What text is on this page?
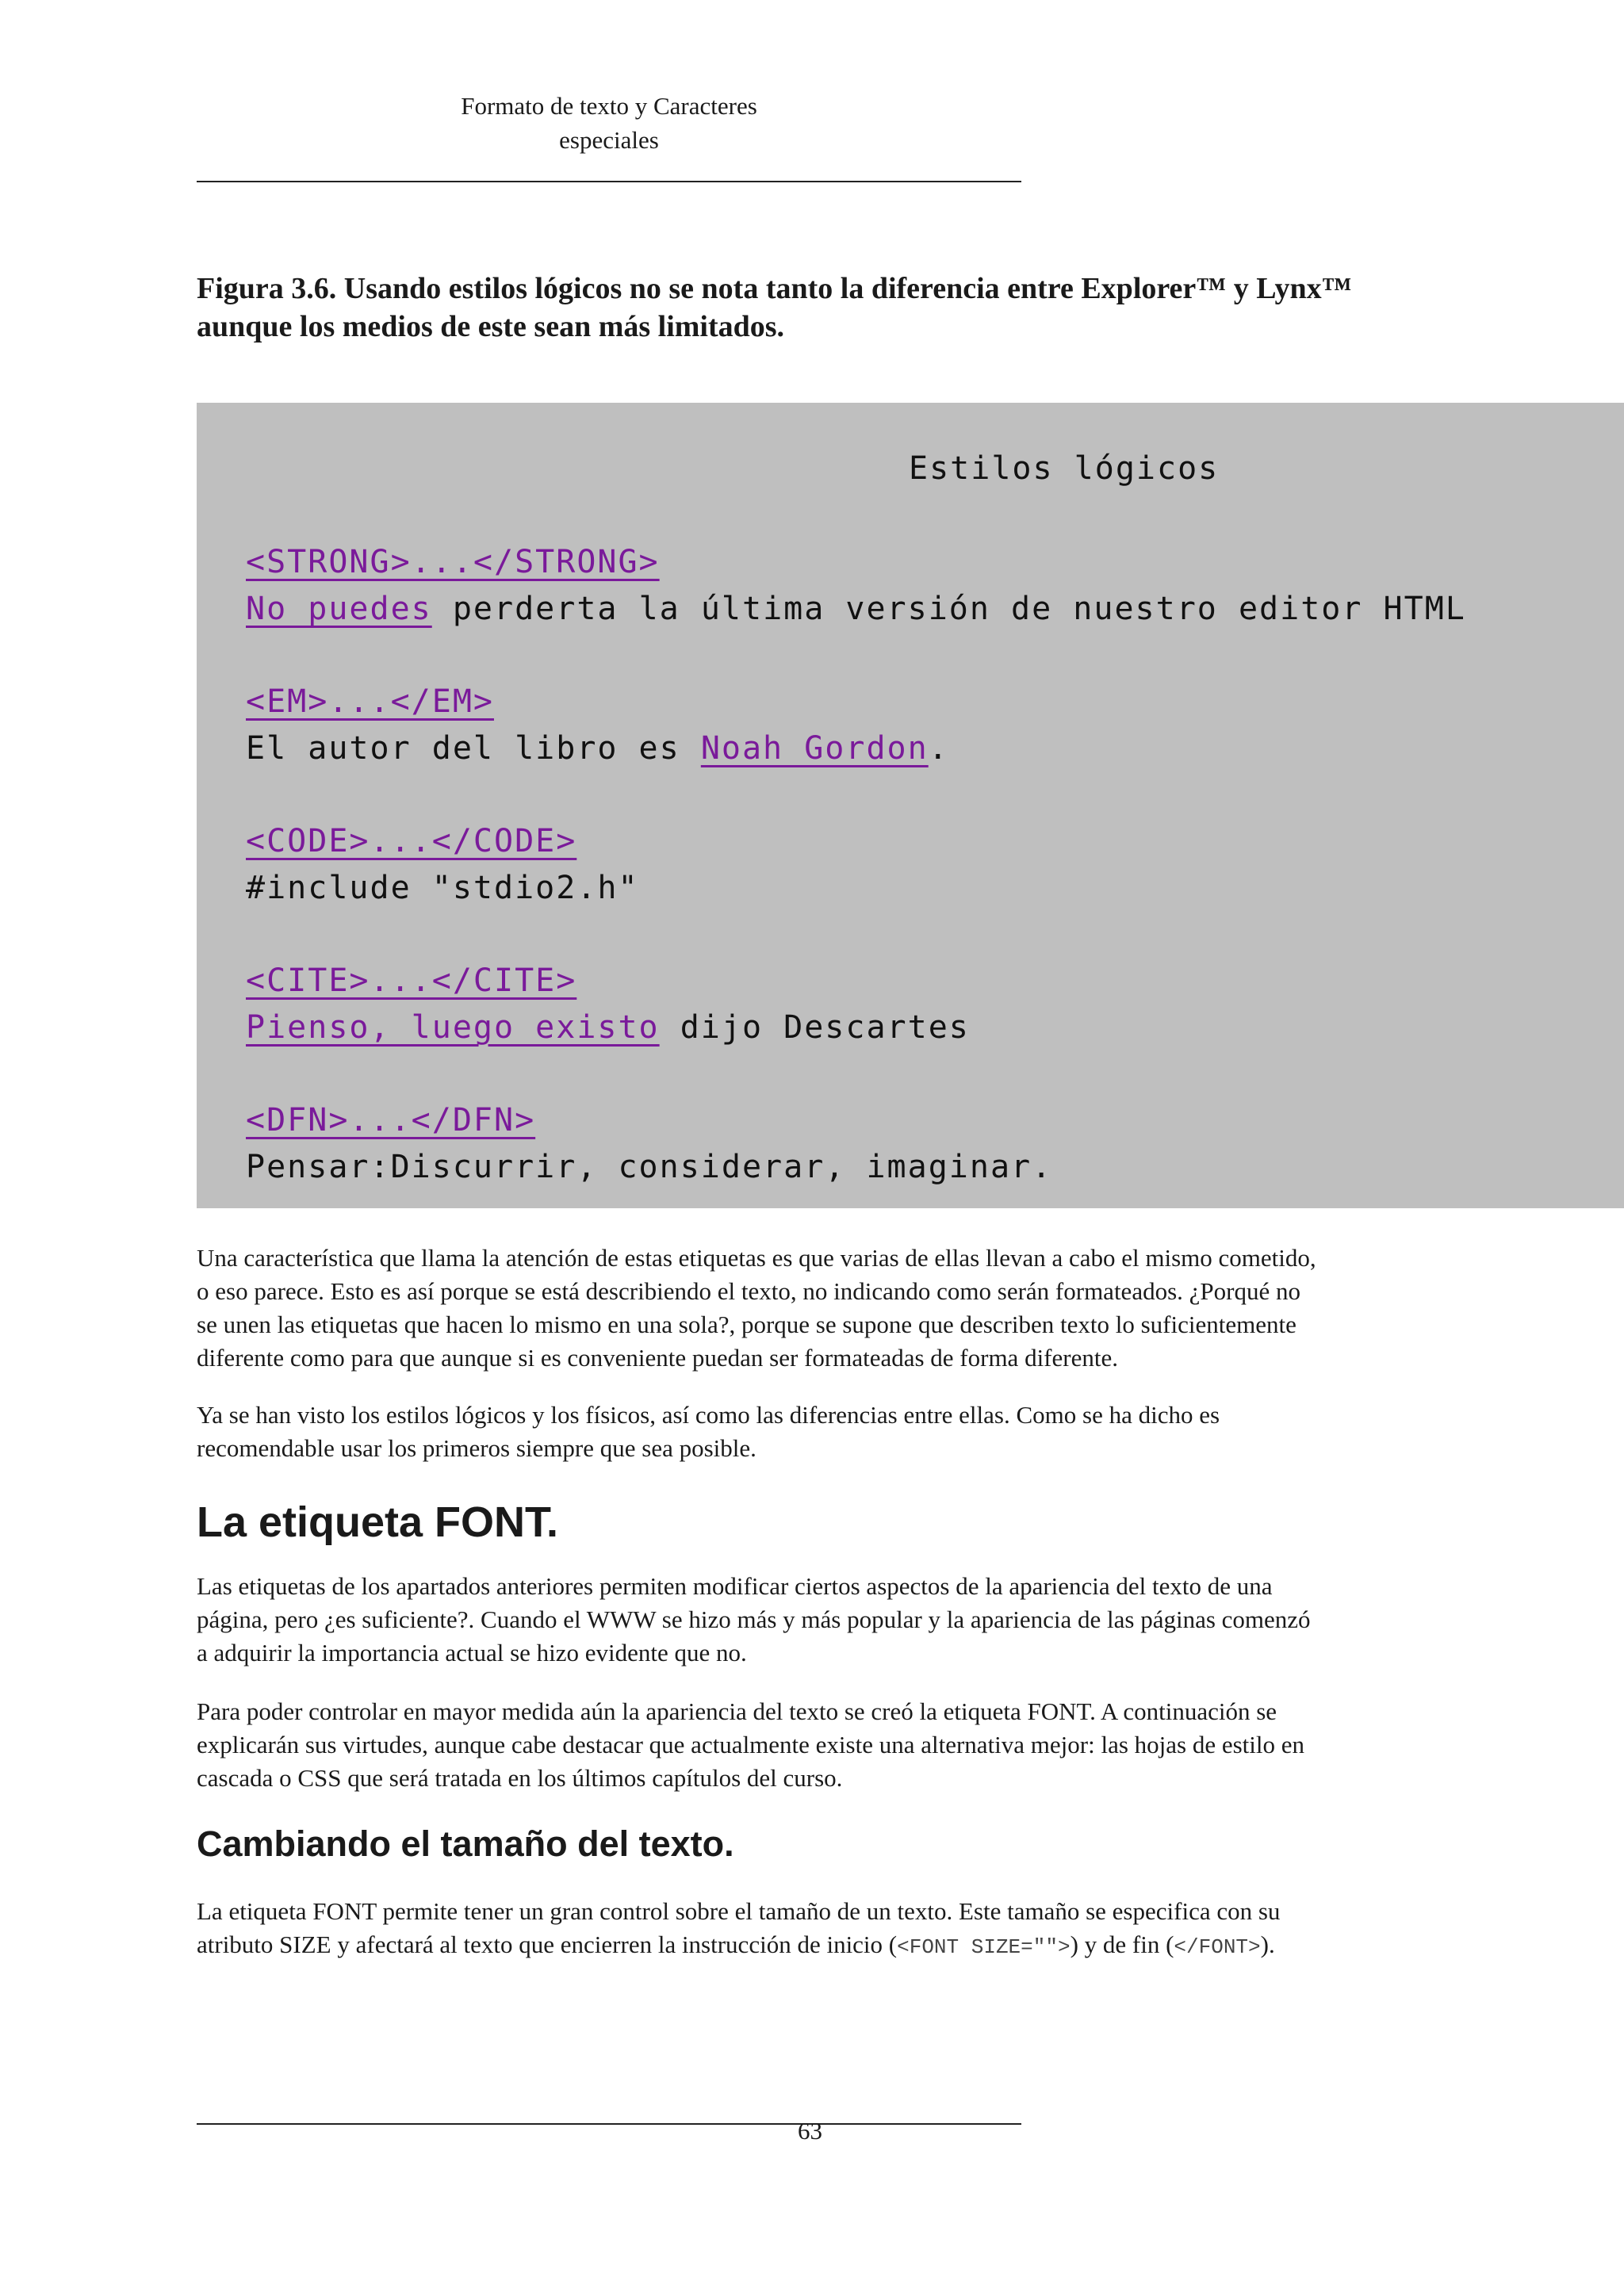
Formato de texto y Caracteres
especiales
Figura 3.6. Usando estilos lógicos no se nota tanto la diferencia entre Explorer™ y Lynx™
aunque los medios de este sean más limitados.
Estilos lógicos

<STRONG>...</STRONG>

No puedes perderta la última versión de nuestro editor HTML

<EM>...</EM>

El autor del libro es Noah Gordon.

<CODE>...</CODE>

#include "stdio2.h"

<CITE>...</CITE>

Pienso, luego existo dijo Descartes

<DFN>...</DFN>

Pensar:Discurrir, considerar, imaginar.

Una característica que llama la atención de estas etiquetas es que varias de ellas llevan a cabo el mismo cometido,
o eso parece. Esto es así porque se está describiendo el texto, no indicando como serán formateados. ¿Porqué no
se unen las etiquetas que hacen lo mismo en una sola?, porque se supone que describen texto lo suficientemente
diferente como para que aunque si es conveniente puedan ser formateadas de forma diferente.
Ya se han visto los estilos lógicos y los físicos, así como las diferencias entre ellas. Como se ha dicho es
recomendable usar los primeros siempre que sea posible.
La etiqueta FONT.
Las etiquetas de los apartados anteriores permiten modificar ciertos aspectos de la apariencia del texto de una
página, pero ¿es suficiente?. Cuando el WWW se hizo más y más popular y la apariencia de las páginas comenzó
a adquirir la importancia actual se hizo evidente que no.
Para poder controlar en mayor medida aún la apariencia del texto se creó la etiqueta FONT. A continuación se
explicarán sus virtudes, aunque cabe destacar que actualmente existe una alternativa mejor: las hojas de estilo en
cascada o CSS que será tratada en los últimos capítulos del curso.
Cambiando el tamaño del texto.
La etiqueta FONT permite tener un gran control sobre el tamaño de un texto. Este tamaño se especifica con su
atributo SIZE y afectará al texto que encierren la instrucción de inicio (<FONT SIZE="">) y de fin (</FONT>).
63
